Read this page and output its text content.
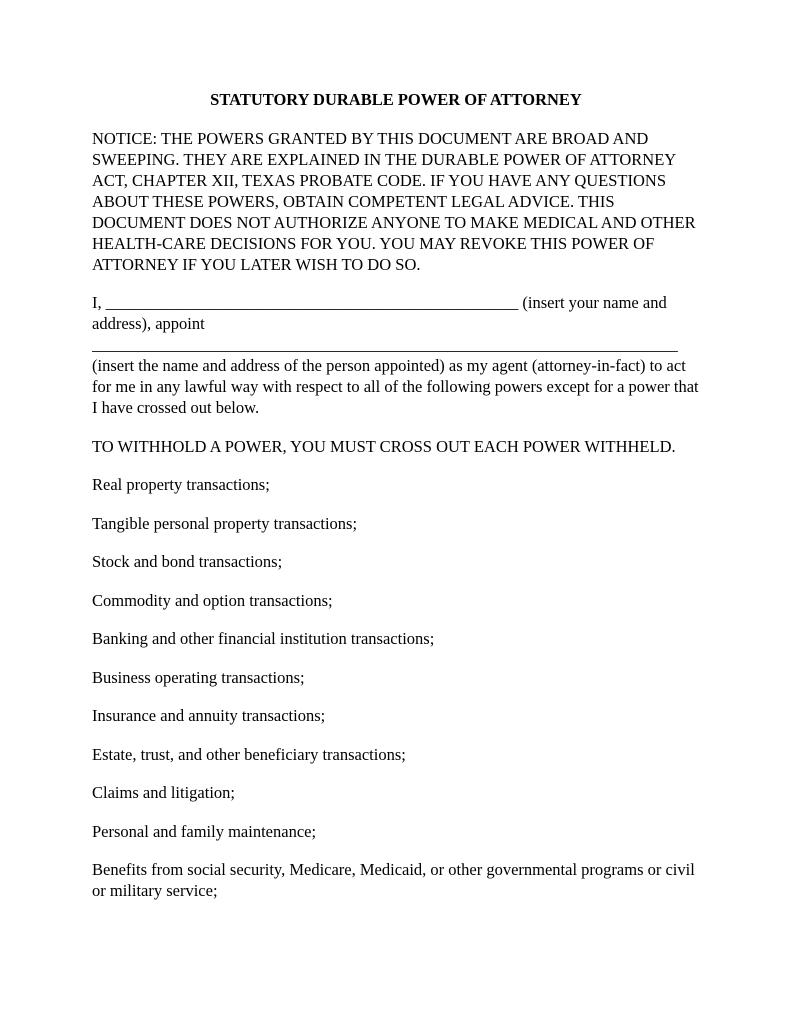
STATUTORY DURABLE POWER OF ATTORNEY

NOTICE: THE POWERS GRANTED BY THIS DOCUMENT ARE BROAD AND SWEEPING. THEY ARE EXPLAINED IN THE DURABLE POWER OF ATTORNEY ACT, CHAPTER XII, TEXAS PROBATE CODE. IF YOU HAVE ANY QUESTIONS ABOUT THESE POWERS, OBTAIN COMPETENT LEGAL ADVICE. THIS DOCUMENT DOES NOT AUTHORIZE ANYONE TO MAKE MEDICAL AND OTHER HEALTH-CARE DECISIONS FOR YOU. YOU MAY REVOKE THIS POWER OF ATTORNEY IF YOU LATER WISH TO DO SO.

I, __________________________________________________ (insert your name and address), appoint

_______________________________________________________________________

(insert the name and address of the person appointed) as my agent (attorney-in-fact) to act for me in any lawful way with respect to all of the following powers except for a power that I have crossed out below.

TO WITHHOLD A POWER, YOU MUST CROSS OUT EACH POWER WITHHELD.

Real property transactions;

Tangible personal property transactions;

Stock and bond transactions;

Commodity and option transactions;

Banking and other financial institution transactions;

Business operating transactions;

Insurance and annuity transactions;

Estate, trust, and other beneficiary transactions;

Claims and litigation;

Personal and family maintenance;

Benefits from social security, Medicare, Medicaid, or other governmental programs or civil or military service;
